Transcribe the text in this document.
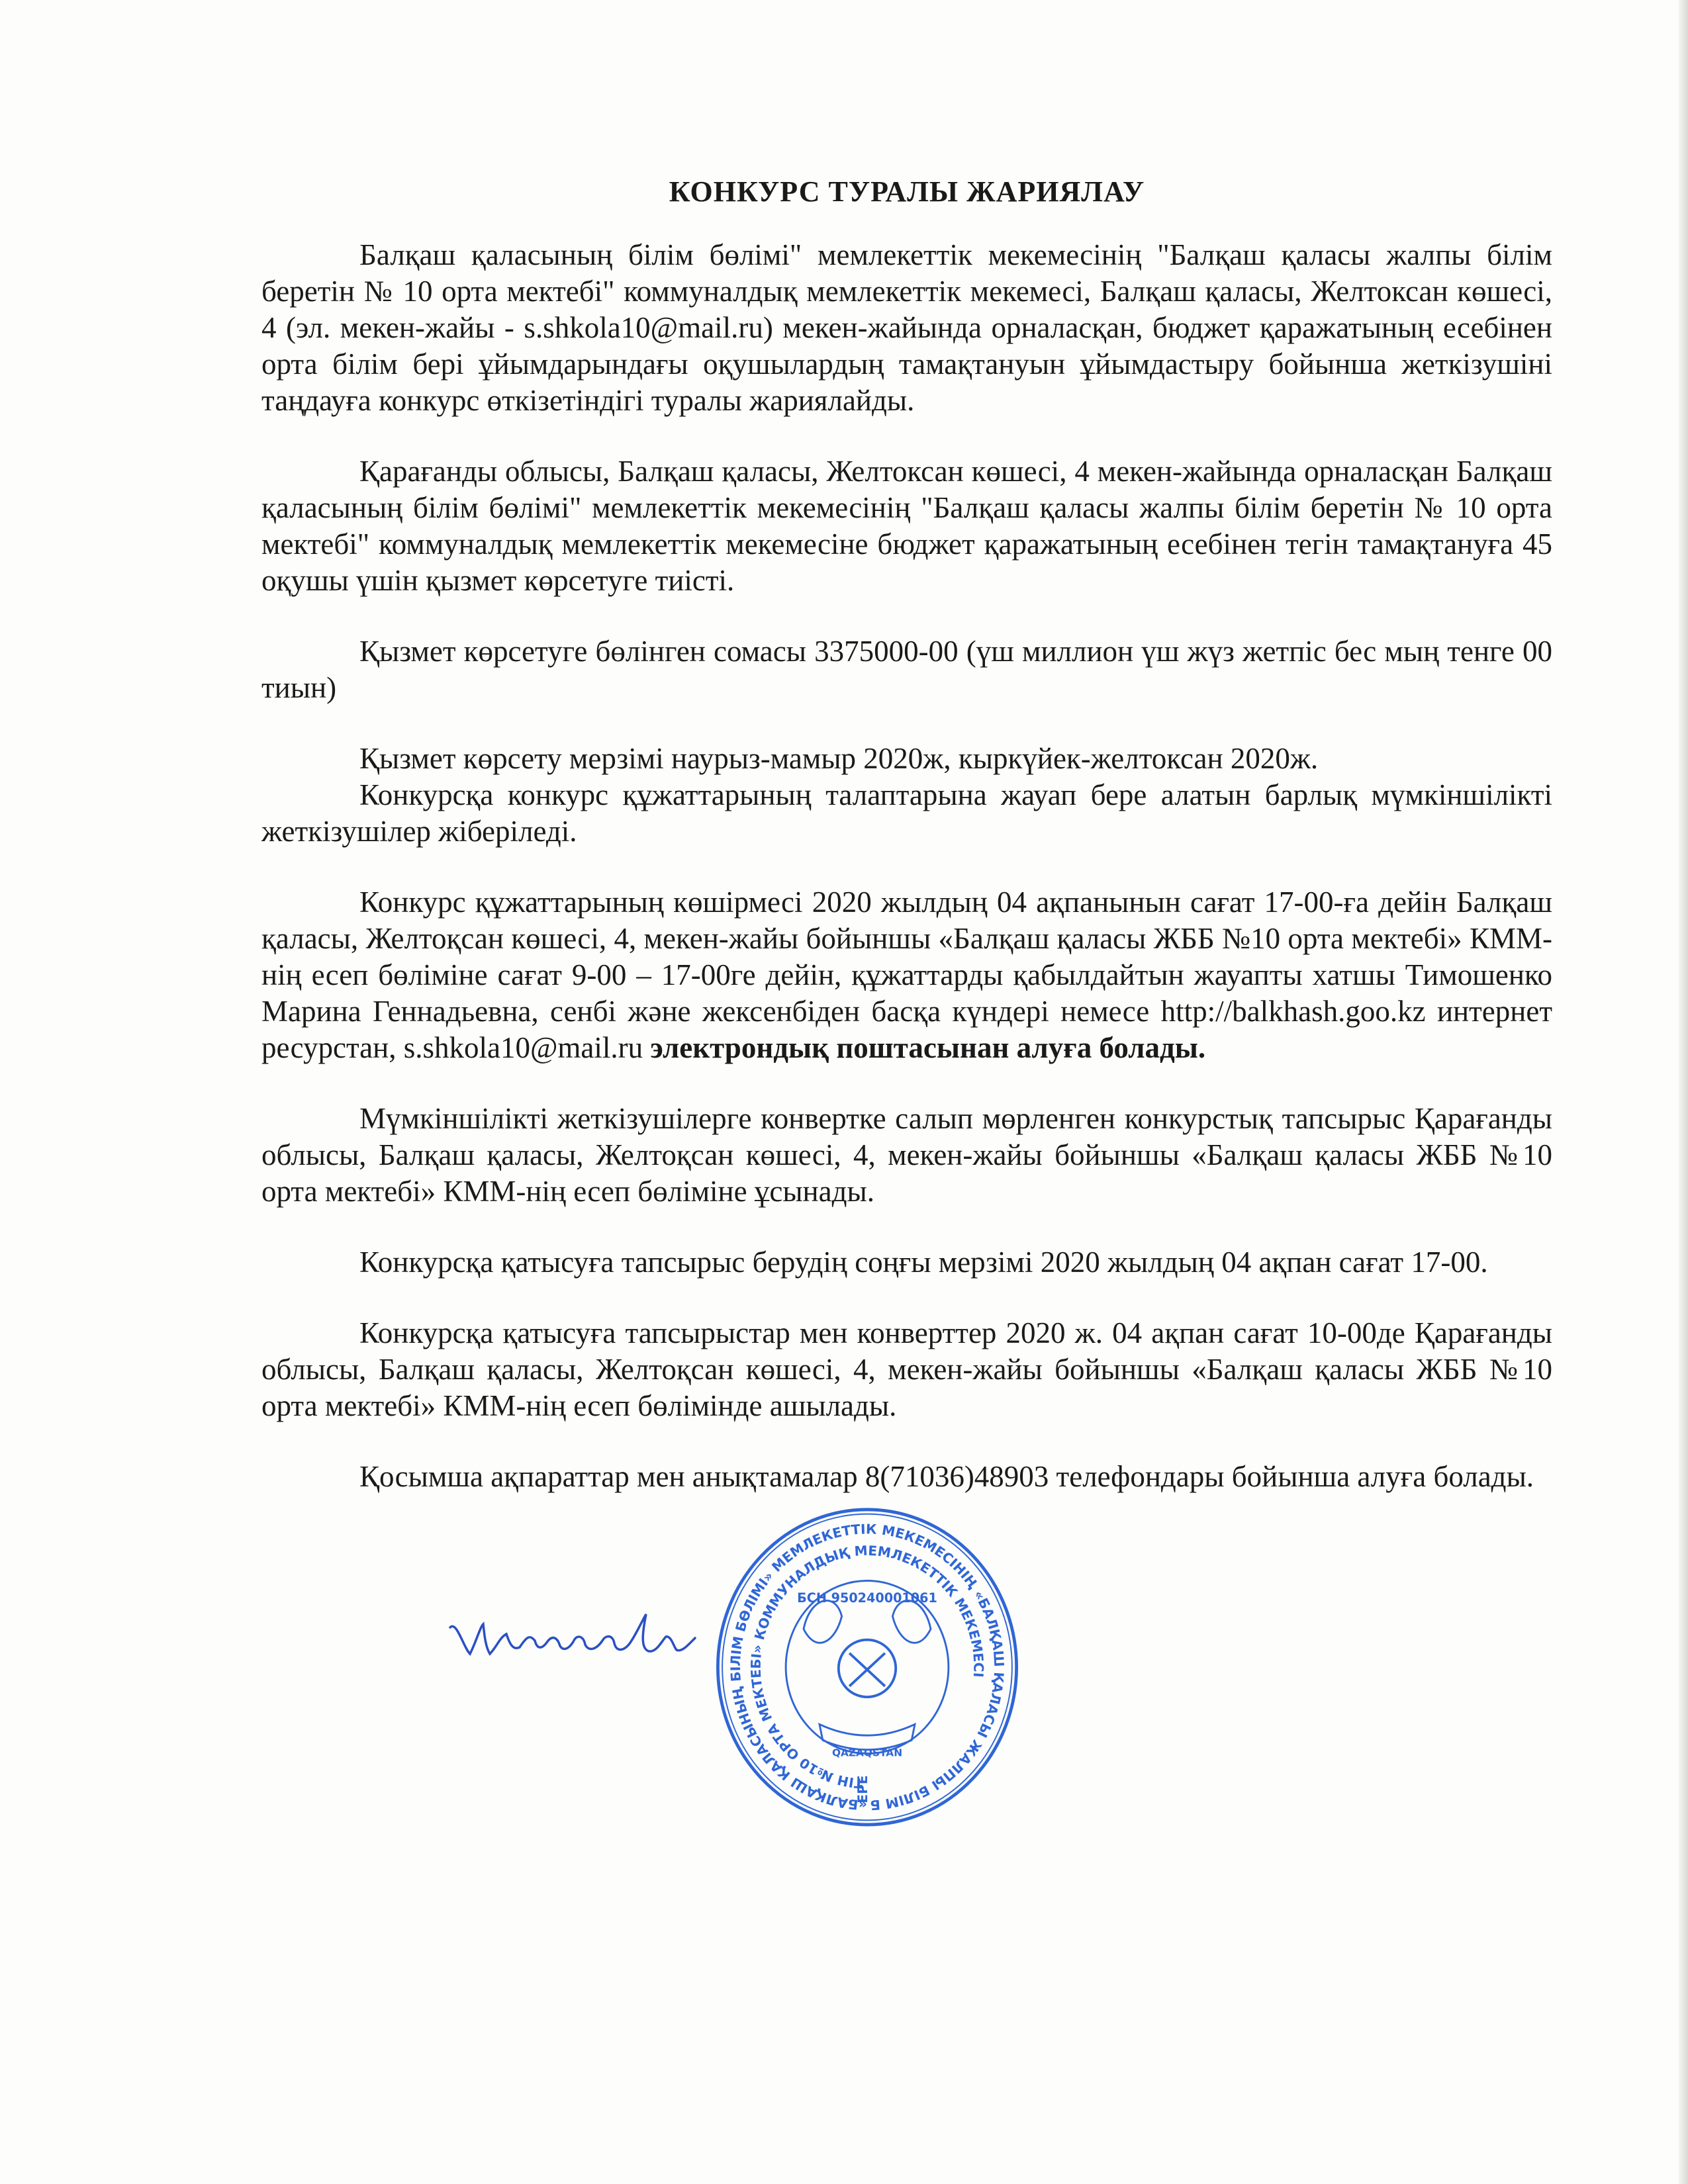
КОНКУРС ТУРАЛЫ ЖАРИЯЛАУ

Балқаш қаласының білім бөлімі" мемлекеттік мекемесінің "Балқаш қаласы жалпы білім беретін № 10 орта мектебі" коммуналдық мемлекеттік мекемесі, Балқаш қаласы, Желтоксан көшесі, 4 (эл. мекен-жайы - s.shkola10@mail.ru) мекен-жайында орналасқан, бюджет қаражатының есебінен орта білім бері ұйымдарындағы оқушылардың тамақтануын ұйымдастыру бойынша жеткізушіні таңдауға конкурс өткізетіндігі туралы жариялайды.

Қарағанды облысы, Балқаш қаласы, Желтоксан көшесі, 4 мекен-жайында орналасқан Балқаш қаласының білім бөлімі" мемлекеттік мекемесінің "Балқаш қаласы жалпы білім беретін № 10 орта мектебі" коммуналдық мемлекеттік мекемесіне бюджет қаражатының есебінен тегін тамақтануға 45 оқушы үшін қызмет көрсетуге тиісті.

Қызмет көрсетуге бөлінген сомасы 3375000-00 (үш миллион үш жүз жетпіс бес мың тенге 00 тиын)

Қызмет көрсету мерзімі наурыз-мамыр 2020ж, кыркүйек-желтоксан 2020ж.

Конкурсқа конкурс құжаттарының талаптарына жауап бере алатын барлық мүмкіншілікті жеткізушілер жіберіледі.

Конкурс құжаттарының көшірмесі 2020 жылдың 04 ақпанынын сағат 17-00-ға дейін Балқаш қаласы, Желтоқсан көшесі, 4, мекен-жайы бойыншы «Балқаш қаласы ЖББ №10 орта мектебі» КММ-нің есеп бөліміне сағат 9-00 – 17-00ге дейін, құжаттарды қабылдайтын жауапты хатшы Тимошенко Марина Геннадьевна, сенбі және жексенбіден басқа күндері немесе http://balkhash.goo.kz интернет ресурстан, s.shkola10@mail.ru электрондық поштасынан алуға болады.

Мүмкіншілікті жеткізушілерге конвертке салып мөрленген конкурстық тапсырыс Қарағанды облысы, Балқаш қаласы, Желтоқсан көшесі, 4, мекен-жайы бойыншы «Балқаш қаласы ЖББ №10 орта мектебі» КММ-нің есеп бөліміне ұсынады.

Конкурсқа қатысуға тапсырыс берудің соңғы мерзімі 2020 жылдың 04 ақпан сағат 17-00.

Конкурсқа қатысуға тапсырыстар мен конверттер 2020 ж. 04 ақпан сағат 10-00де Қарағанды облысы, Балқаш қаласы, Желтоқсан көшесі, 4, мекен-жайы бойыншы «Балқаш қаласы ЖББ №10 орта мектебі» КММ-нің есеп бөлімінде ашылады.

Қосымша ақпараттар мен анықтамалар 8(71036)48903 телефондары бойынша алуға болады.

«БАЛҚАШ ҚАЛАСЫНЫҢ БІЛІМ БӨЛІМІ» МЕМЛЕКЕТТІК МЕКЕМЕСІНІҢ «БАЛҚАШ ҚАЛАСЫ ЖАЛПЫ БІЛІМ БЕРЕТІН №10 ОРТА МЕКТЕБІ» КОММУНАЛДЫҚ МЕМЛЕКЕТТІК МЕКЕМЕСІ
БСН 950240001061
QAZAQSTAN
